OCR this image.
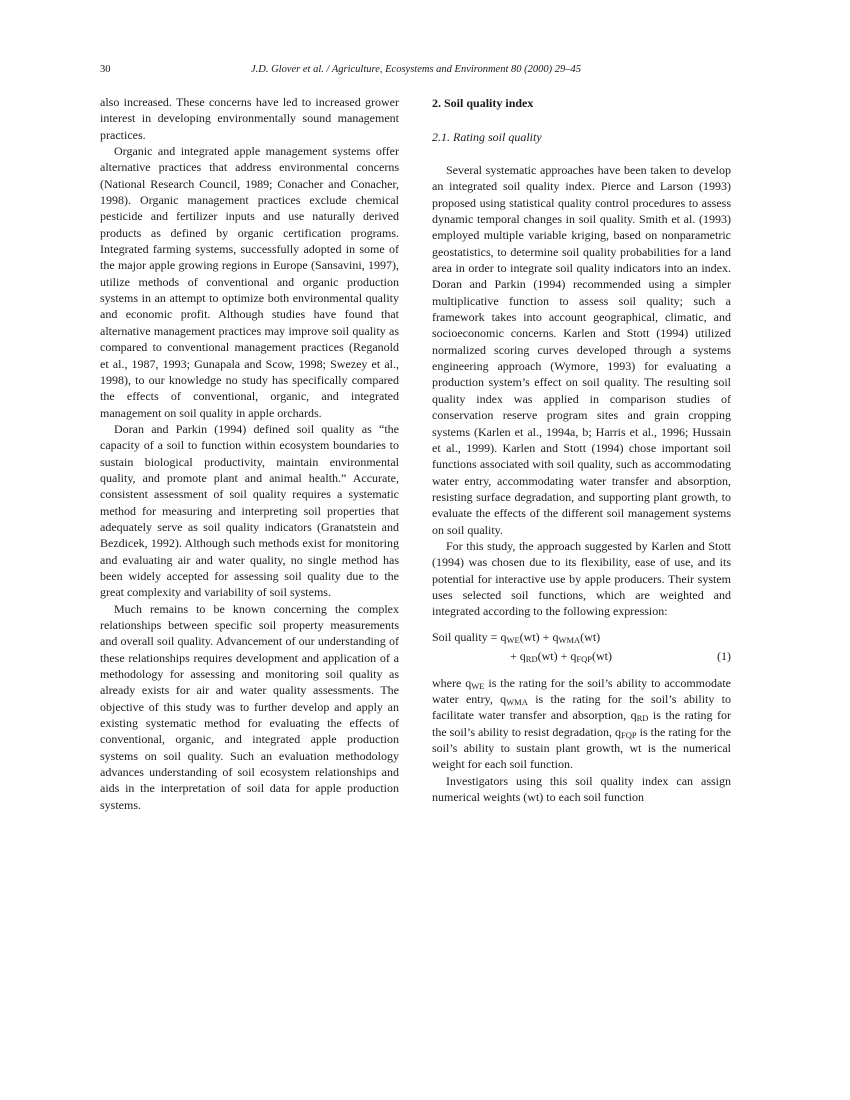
30	J.D. Glover et al. / Agriculture, Ecosystems and Environment 80 (2000) 29–45

also increased. These concerns have led to increased grower interest in developing environmentally sound management practices.

Organic and integrated apple management systems offer alternative practices that address environmental concerns (National Research Council, 1989; Conacher and Conacher, 1998). Organic management practices exclude chemical pesticide and fertilizer inputs and use naturally derived products as defined by organic certification programs. Integrated farming systems, successfully adopted in some of the major apple growing regions in Europe (Sansavini, 1997), utilize methods of conventional and organic production systems in an attempt to optimize both environmental quality and economic profit. Although studies have found that alternative management practices may improve soil quality as compared to conventional management practices (Reganold et al., 1987, 1993; Gunapala and Scow, 1998; Swezey et al., 1998), to our knowledge no study has specifically compared the effects of conventional, organic, and integrated management on soil quality in apple orchards.

Doran and Parkin (1994) defined soil quality as “the capacity of a soil to function within ecosystem boundaries to sustain biological productivity, maintain environmental quality, and promote plant and animal health.” Accurate, consistent assessment of soil quality requires a systematic method for measuring and interpreting soil properties that adequately serve as soil quality indicators (Granatstein and Bezdicek, 1992). Although such methods exist for monitoring and evaluating air and water quality, no single method has been widely accepted for assessing soil quality due to the great complexity and variability of soil systems.

Much remains to be known concerning the complex relationships between specific soil property measurements and overall soil quality. Advancement of our understanding of these relationships requires development and application of a methodology for assessing and monitoring soil quality as already exists for air and water quality assessments. The objective of this study was to further develop and apply an existing systematic method for evaluating the effects of conventional, organic, and integrated apple production systems on soil quality. Such an evaluation methodology advances understanding of soil ecosystem relationships and aids in the interpretation of soil data for apple production systems.

2. Soil quality index
2.1. Rating soil quality

Several systematic approaches have been taken to develop an integrated soil quality index. Pierce and Larson (1993) proposed using statistical quality control procedures to assess dynamic temporal changes in soil quality. Smith et al. (1993) employed multiple variable kriging, based on nonparametric geostatistics, to determine soil quality probabilities for a land area in order to integrate soil quality indicators into an index. Doran and Parkin (1994) recommended using a simpler multiplicative function to assess soil quality; such a framework takes into account geographical, climatic, and socioeconomic concerns. Karlen and Stott (1994) utilized normalized scoring curves developed through a systems engineering approach (Wymore, 1993) for evaluating a production system’s effect on soil quality. The resulting soil quality index was applied in comparison studies of conservation reserve program sites and grain cropping systems (Karlen et al., 1994a, b; Harris et al., 1996; Hussain et al., 1999). Karlen and Stott (1994) chose important soil functions associated with soil quality, such as accommodating water entry, accommodating water transfer and absorption, resisting surface degradation, and supporting plant growth, to evaluate the effects of the different soil management systems on soil quality.

For this study, the approach suggested by Karlen and Stott (1994) was chosen due to its flexibility, ease of use, and its potential for interactive use by apple producers. Their system uses selected soil functions, which are weighted and integrated according to the following expression:

Soil quality = $q_{WE}(wt) + q_{WMA}(wt)$
+ $q_{RD}(wt) + q_{FQP}(wt)$	(1)

where $q_{WE}$ is the rating for the soil’s ability to accommodate water entry, $q_{WMA}$ is the rating for the soil’s ability to facilitate water transfer and absorption, $q_{RD}$ is the rating for the soil’s ability to resist degradation, $q_{FQP}$ is the rating for the soil’s ability to sustain plant growth, wt is the numerical weight for each soil function.

Investigators using this soil quality index can assign numerical weights (wt) to each soil function
